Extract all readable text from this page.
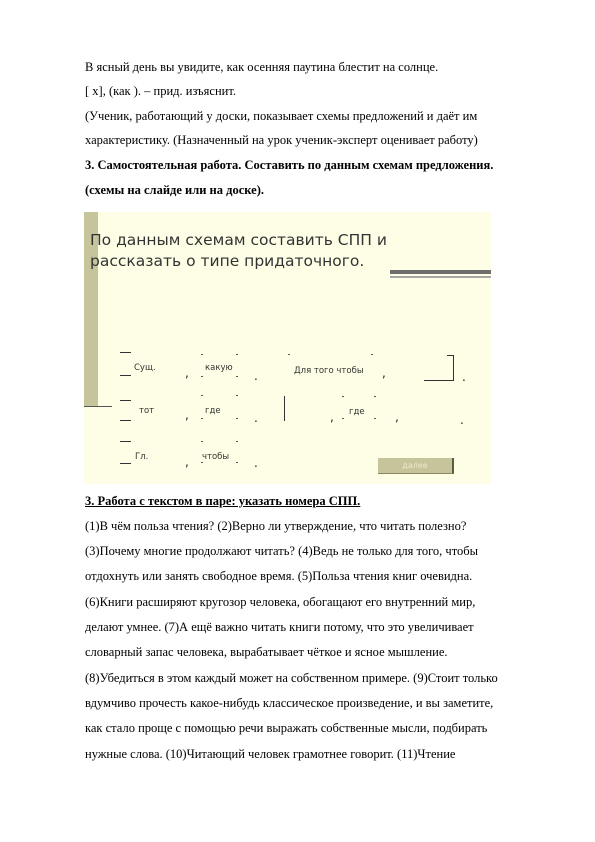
В ясный день вы увидите, как осенняя паутина блестит на солнце.
[ х], (как ). – прид. изъяснит.
(Ученик, работающий у доски, показывает схемы предложений и даёт им
характеристику. (Назначенный на урок ученик-эксперт оценивает работу)
3. Самостоятельная работа. Составить по данным схемам предложения.
(схемы на слайде или на доске).
По данным схемам составить СПП и
рассказать о типе придаточного.
Сущ. , какую
.	Для того чтобы ,	.
тот	, где	.	, где	,	.
Гл.	, чтобы .	далее
3. Работа с текстом в паре: указать номера СПП.
(1)В чём польза чтения? (2)Верно ли утверждение, что читать полезно?
(3)Почему многие продолжают читать? (4)Ведь не только для того, чтобы
отдохнуть или занять свободное время. (5)Польза чтения книг очевидна.
(6)Книги расширяют кругозор человека, обогащают его внутренний мир,
делают умнее. (7)А ещё важно читать книги потому, что это увеличивает
словарный запас человека, вырабатывает чёткое и ясное мышление.
(8)Убедиться в этом каждый может на собственном примере. (9)Стоит только
вдумчиво прочесть какое-нибудь классическое произведение, и вы заметите,
как стало проще с помощью речи выражать собственные мысли, подбирать
нужные слова. (10)Читающий человек грамотнее говорит. (11)Чтение
